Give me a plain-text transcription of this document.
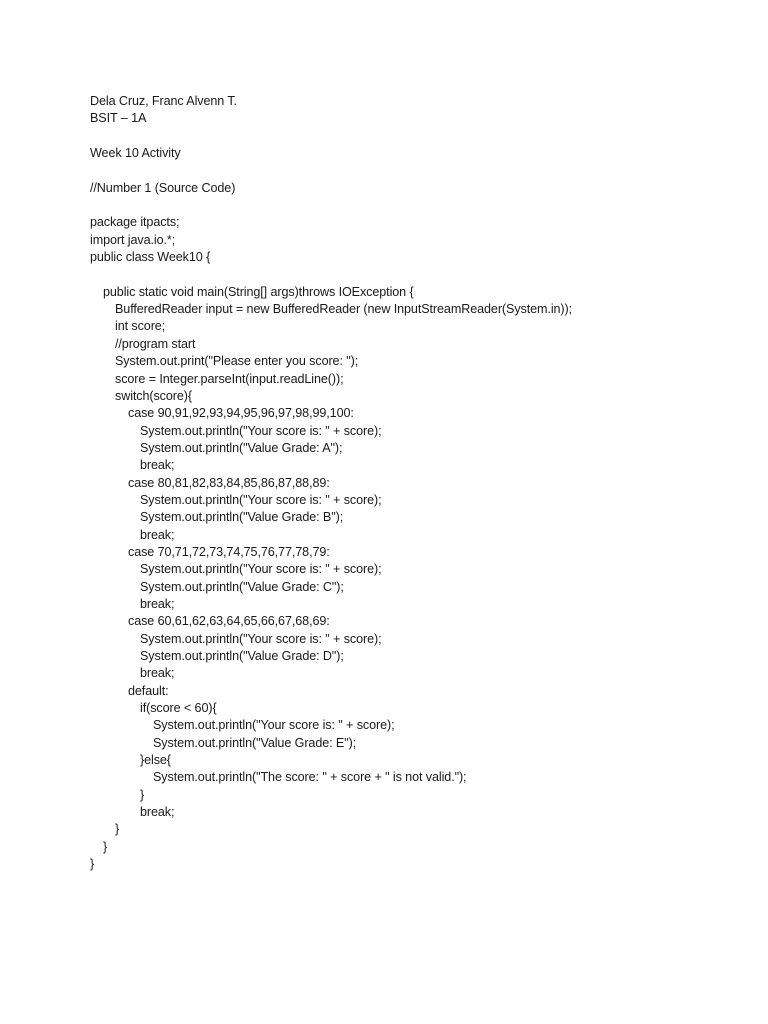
Dela Cruz, Franc Alvenn T.
BSIT – 1A
Week 10 Activity
//Number 1 (Source Code)
package itpacts;
import java.io.*;
public class Week10 {
public static void main(String[] args)throws IOException {
BufferedReader input = new BufferedReader (new InputStreamReader(System.in));
int score;
//program start
System.out.print("Please enter you score: ");
score = Integer.parseInt(input.readLine());
switch(score){
case 90,91,92,93,94,95,96,97,98,99,100:
System.out.println("Your score is: " + score);
System.out.println("Value Grade: A");
break;
case 80,81,82,83,84,85,86,87,88,89:
System.out.println("Your score is: " + score);
System.out.println("Value Grade: B");
break;
case 70,71,72,73,74,75,76,77,78,79:
System.out.println("Your score is: " + score);
System.out.println("Value Grade: C");
break;
case 60,61,62,63,64,65,66,67,68,69:
System.out.println("Your score is: " + score);
System.out.println("Value Grade: D");
break;
default:
if(score < 60){
System.out.println("Your score is: " + score);
System.out.println("Value Grade: E");
}else{
System.out.println("The score: " + score + " is not valid.");
}
break;
}
}
}
